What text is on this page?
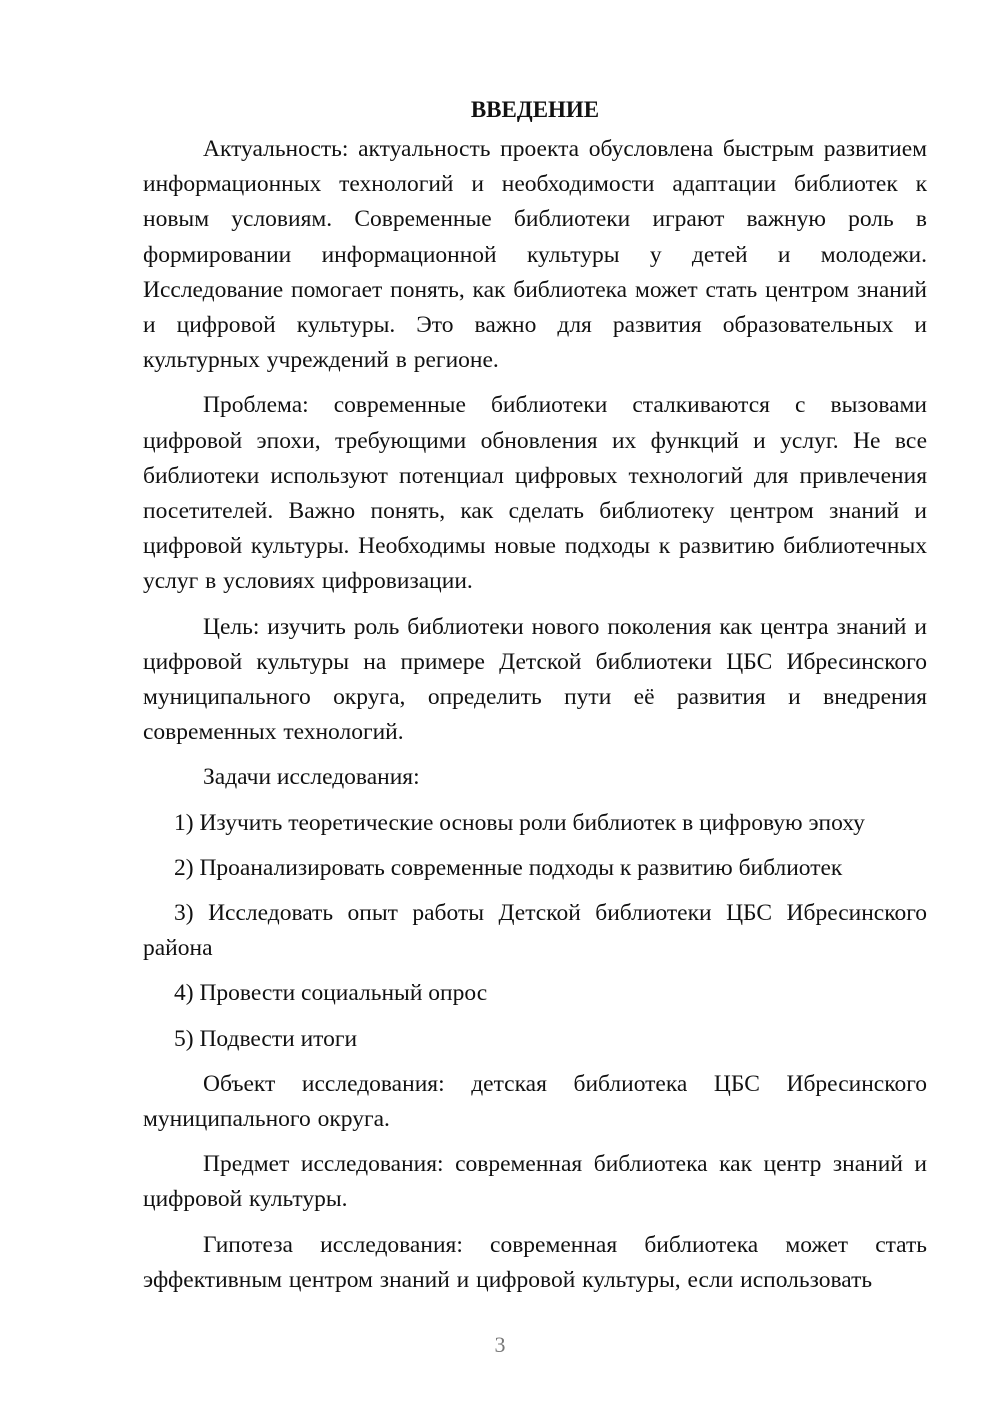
ВВЕДЕНИЕ

Актуальность: актуальность проекта обусловлена быстрым развитием информационных технологий и необходимости адаптации библиотек к новым условиям. Современные библиотеки играют важную роль в формировании информационной культуры у детей и молодежи. Исследование помогает понять, как библиотека может стать центром знаний и цифровой культуры. Это важно для развития образовательных и культурных учреждений в регионе.

Проблема: современные библиотеки сталкиваются с вызовами цифровой эпохи, требующими обновления их функций и услуг. Не все библиотеки используют потенциал цифровых технологий для привлечения посетителей. Важно понять, как сделать библиотеку центром знаний и цифровой культуры. Необходимы новые подходы к развитию библиотечных услуг в условиях цифровизации.

Цель: изучить роль библиотеки нового поколения как центра знаний и цифровой культуры на примере Детской библиотеки ЦБС Ибресинского муниципального округа, определить пути её развития и внедрения современных технологий.

Задачи исследования:

1) Изучить теоретические основы роли библиотек в цифровую эпоху

2) Проанализировать современные подходы к развитию библиотек

3) Исследовать опыт работы Детской библиотеки ЦБС Ибресинского района

4) Провести социальный опрос

5) Подвести итоги

Объект исследования: детская библиотека ЦБС Ибресинского муниципального округа.

Предмет исследования: современная библиотека как центр знаний и цифровой культуры.

Гипотеза исследования: современная библиотека может стать эффективным центром знаний и цифровой культуры, если использовать

3
